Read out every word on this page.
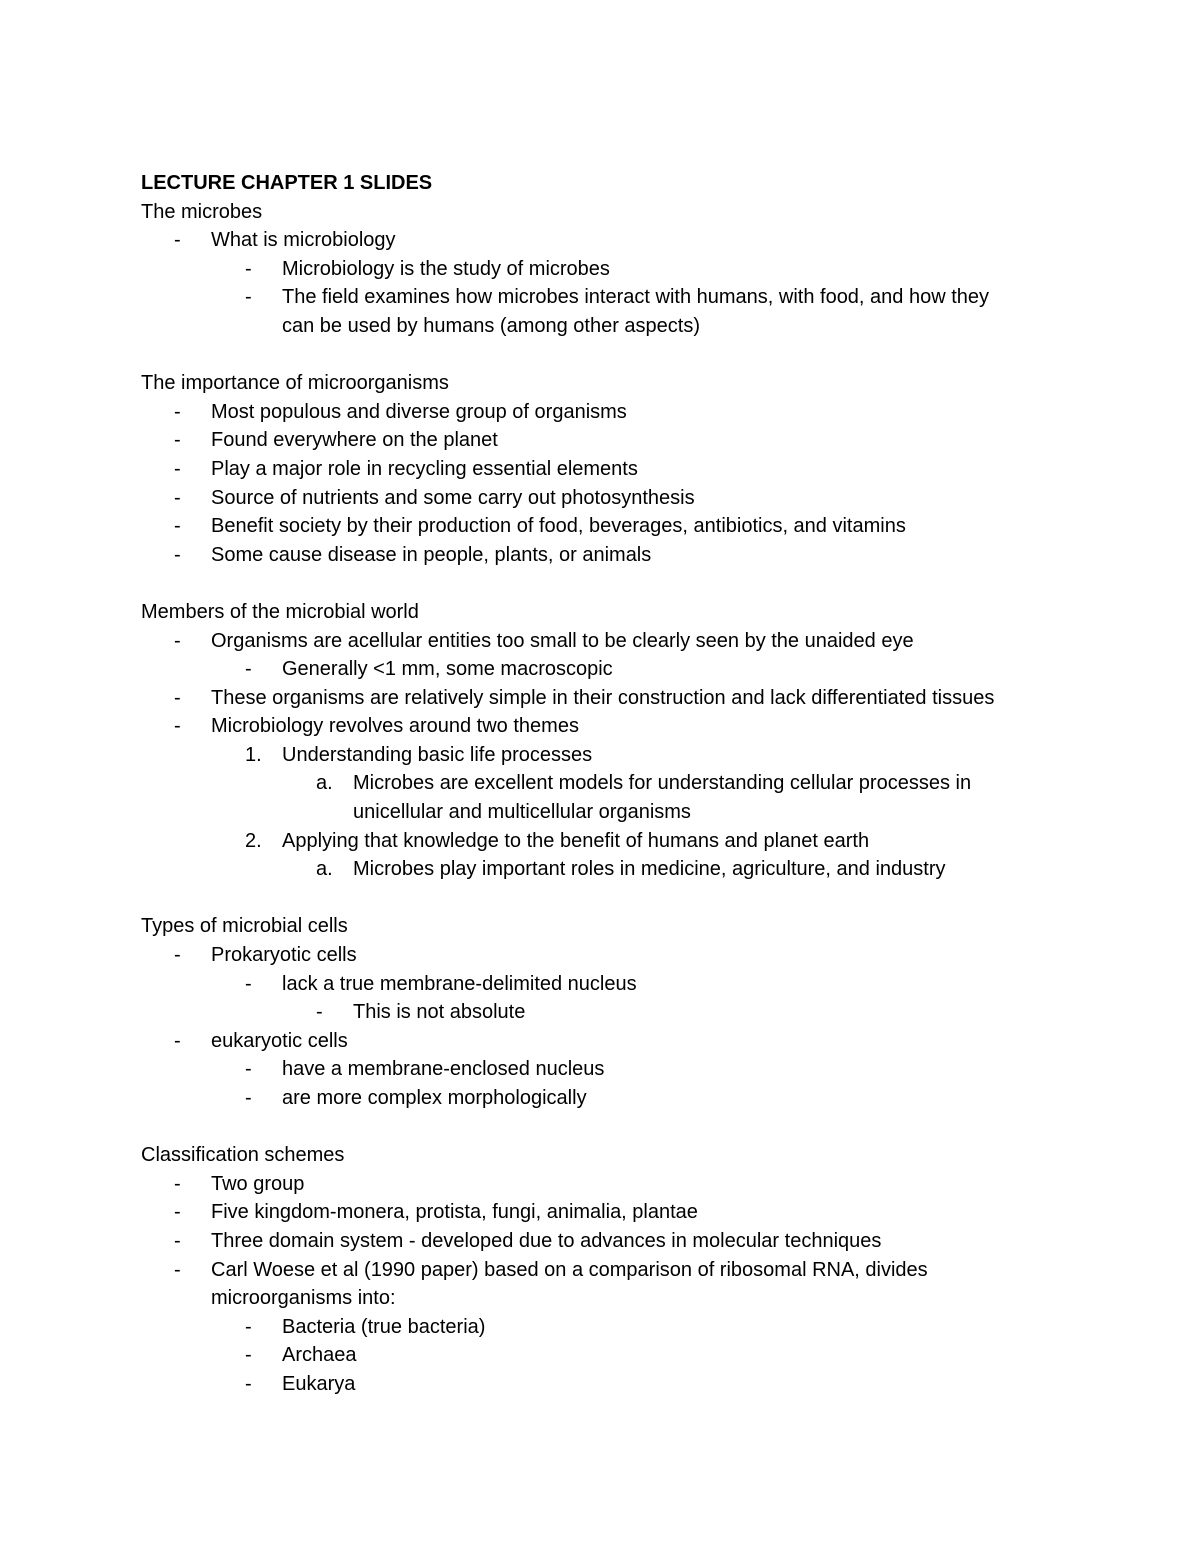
LECTURE CHAPTER 1 SLIDES
The microbes
- What is microbiology
- Microbiology is the study of microbes
- The field examines how microbes interact with humans, with food, and how they
can be used by humans (among other aspects)
The importance of microorganisms
- Most populous and diverse group of organisms
- Found everywhere on the planet
- Play a major role in recycling essential elements
- Source of nutrients and some carry out photosynthesis
- Benefit society by their production of food, beverages, antibiotics, and vitamins
- Some cause disease in people, plants, or animals
Members of the microbial world
- Organisms are acellular entities too small to be clearly seen by the unaided eye
- Generally <1 mm, some macroscopic
- These organisms are relatively simple in their construction and lack differentiated tissues
- Microbiology revolves around two themes
1. Understanding basic life processes
a. Microbes are excellent models for understanding cellular processes in
unicellular and multicellular organisms
2. Applying that knowledge to the benefit of humans and planet earth
a. Microbes play important roles in medicine, agriculture, and industry
Types of microbial cells
- Prokaryotic cells
- lack a true membrane-delimited nucleus
- This is not absolute
- eukaryotic cells
- have a membrane-enclosed nucleus
- are more complex morphologically
Classification schemes
- Two group
- Five kingdom-monera, protista, fungi, animalia, plantae
- Three domain system - developed due to advances in molecular techniques
- Carl Woese et al (1990 paper) based on a comparison of ribosomal RNA, divides
microorganisms into:
- Bacteria (true bacteria)
- Archaea
- Eukarya
